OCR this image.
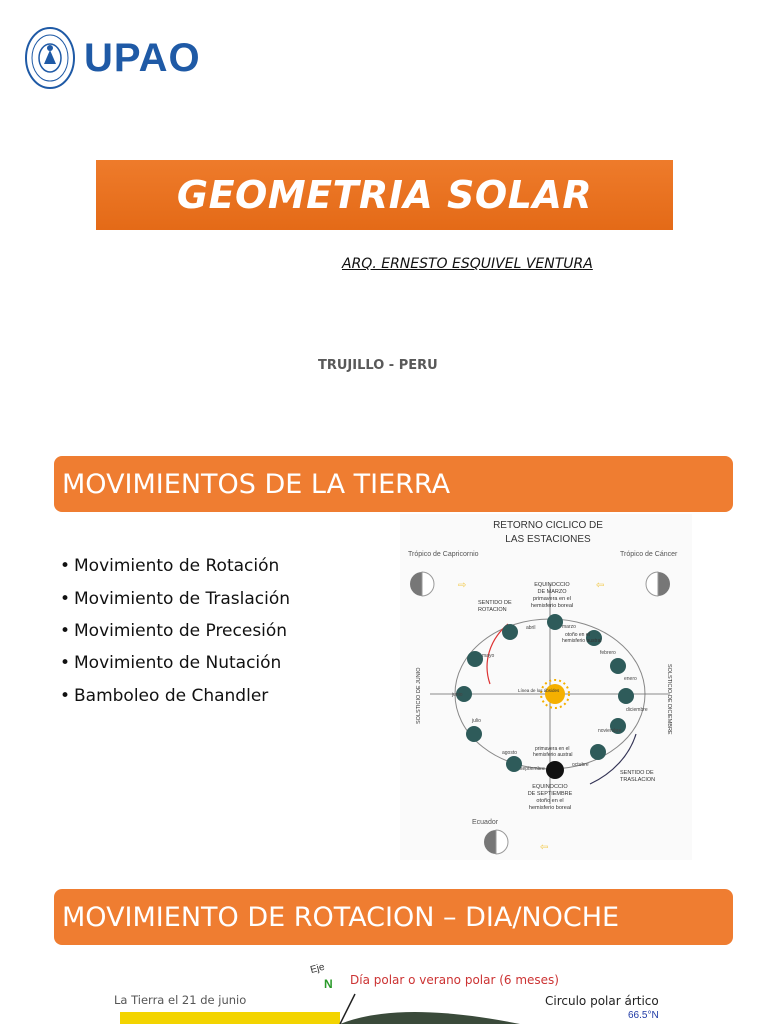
UPAO
GEOMETRIA SOLAR
ARQ. ERNESTO ESQUIVEL VENTURA
TRUJILLO - PERU
MOVIMIENTOS DE LA TIERRA
• Movimiento de Rotación
• Movimiento de Traslación
• Movimiento de Precesión
• Movimiento de Nutación
• Bamboleo de Chandler
RETORNO CICLICO DE
LAS ESTACIONES
Trópico de Capricornio	Trópico de Cáncer
Ecuador
⇨	⇦
⇦
abril	marzo
febrero
mayo
enero
junio
diciembre
julio
noviembre
agosto
octubre
septiembre
EQUINOCCIO
DE MARZO
primavera en el
hemisferio boreal
otoño en el
hemisferio austral
SENTIDO DE
ROTACION
SOLSTICIO DE JUNIO	SOLSTICIO DE DICIEMBRE
Línea de los ábsides
EQUINOCCIO
DE SEPTIEMBRE
otoño en el
hemisferio boreal
primavera en el
hemisferio austral
SENTIDO DE
TRASLACION
MOVIMIENTO DE ROTACION – DIA/NOCHE
Eje
N Día polar o verano polar (6 meses)
La Tierra el 21 de junio	Circulo polar ártico
66.5°N
